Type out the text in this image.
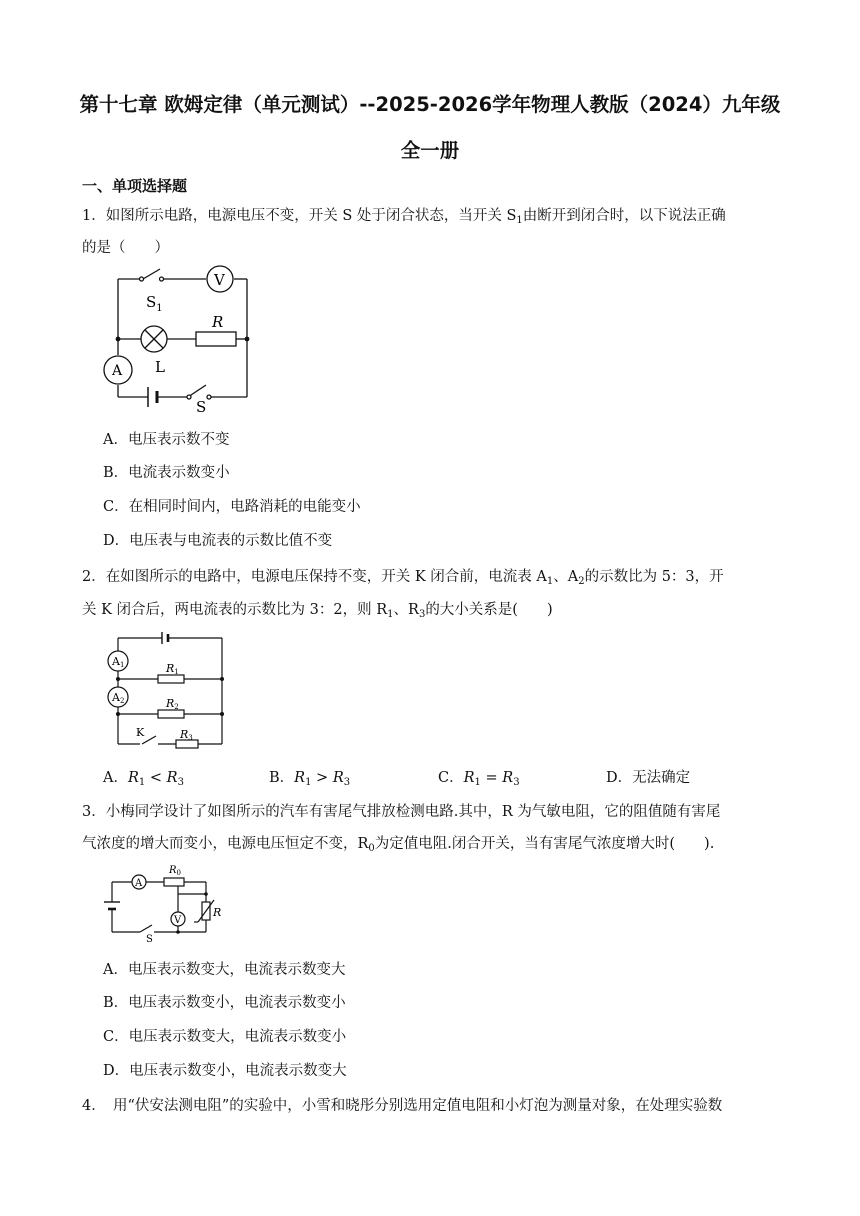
第十七章 欧姆定律（单元测试）--2025-2026学年物理人教版（2024）九年级
全一册
一、单项选择题
1．如图所示电路，电源电压不变，开关 S 处于闭合状态，当开关 $S_1$由断开到闭合时，以下说法正确
的是（　　）
$S_1$
V
R
L
A
S
A．电压表示数不变
B．电流表示数变小
C．在相同时间内，电路消耗的电能变小
D．电压表与电流表的示数比值不变
2．在如图所示的电路中，电源电压保持不变，开关 K 闭合前，电流表 $A_1$、$A_2$的示数比为 5：3，开
关 K 闭合后，两电流表的示数比为 3：2，则 $R_1$、$R_3$的大小关系是(　　)
A1
A2
R1
R2
R3
K
A．$R_1 < R_3$	B．$R_1 > R_3$	C．$R_1 = R_3$	D．无法确定
3．小梅同学设计了如图所示的汽车有害尾气排放检测电路.其中，R 为气敏电阻，它的阻值随有害尾
气浓度的增大而变小，电源电压恒定不变，$R_0$为定值电阻.闭合开关，当有害尾气浓度增大时(　　).
A
$R_0$
V
R
S
A．电压表示数变大，电流表示数变大
B．电压表示数变小，电流表示数变小
C．电压表示数变大，电流表示数变小
D．电压表示数变小，电流表示数变大
4．　用“伏安法测电阻”的实验中，小雪和晓彤分别选用定值电阻和小灯泡为测量对象，在处理实验数
